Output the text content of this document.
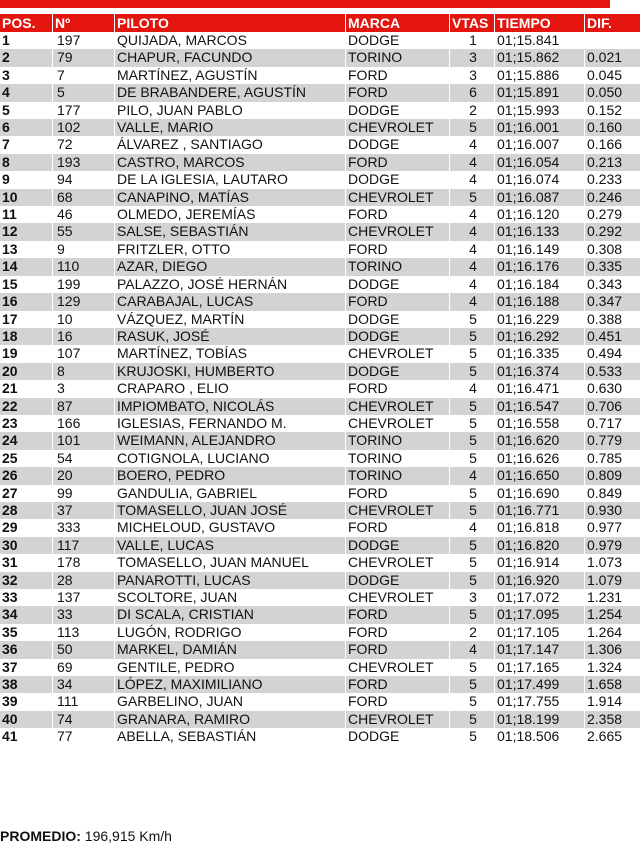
POS.	Nº	PILOTO	MARCA	VTAS	TIEMPO	DIF.
1	197	QUIJADA, MARCOS	DODGE	1	01;15.841	
2	79	CHAPUR, FACUNDO	TORINO	3	01;15.862	0.021
3	7	MARTÍNEZ, AGUSTÍN	FORD	3	01;15.886	0.045
4	5	DE BRABANDERE, AGUSTÍN	FORD	6	01;15.891	0.050
5	177	PILO, JUAN PABLO	DODGE	2	01;15.993	0.152
6	102	VALLE, MARIO	CHEVROLET	5	01;16.001	0.160
7	72	ÁLVAREZ , SANTIAGO	DODGE	4	01;16.007	0.166
8	193	CASTRO, MARCOS	FORD	4	01;16.054	0.213
9	94	DE LA IGLESIA, LAUTARO	DODGE	4	01;16.074	0.233
10	68	CANAPINO, MATÍAS	CHEVROLET	5	01;16.087	0.246
11	46	OLMEDO, JEREMÍAS	FORD	4	01;16.120	0.279
12	55	SALSE, SEBASTIÁN	CHEVROLET	4	01;16.133	0.292
13	9	FRITZLER, OTTO	FORD	4	01;16.149	0.308
14	110	AZAR, DIEGO	TORINO	4	01;16.176	0.335
15	199	PALAZZO, JOSÉ HERNÁN	DODGE	4	01;16.184	0.343
16	129	CARABAJAL, LUCAS	FORD	4	01;16.188	0.347
17	10	VÁZQUEZ, MARTÍN	DODGE	5	01;16.229	0.388
18	16	RASUK, JOSÉ	DODGE	5	01;16.292	0.451
19	107	MARTÍNEZ, TOBÍAS	CHEVROLET	5	01;16.335	0.494
20	8	KRUJOSKI, HUMBERTO	DODGE	5	01;16.374	0.533
21	3	CRAPARO , ELIO	FORD	4	01;16.471	0.630
22	87	IMPIOMBATO, NICOLÁS	CHEVROLET	5	01;16.547	0.706
23	166	IGLESIAS, FERNANDO M.	CHEVROLET	5	01;16.558	0.717
24	101	WEIMANN, ALEJANDRO	TORINO	5	01;16.620	0.779
25	54	COTIGNOLA, LUCIANO	TORINO	5	01;16.626	0.785
26	20	BOERO, PEDRO	TORINO	4	01;16.650	0.809
27	99	GANDULIA, GABRIEL	FORD	5	01;16.690	0.849
28	37	TOMASELLO, JUAN JOSÉ	CHEVROLET	5	01;16.771	0.930
29	333	MICHELOUD, GUSTAVO	FORD	4	01;16.818	0.977
30	117	VALLE, LUCAS	DODGE	5	01;16.820	0.979
31	178	TOMASELLO, JUAN MANUEL	CHEVROLET	5	01;16.914	1.073
32	28	PANAROTTI, LUCAS	DODGE	5	01;16.920	1.079
33	137	SCOLTORE, JUAN	CHEVROLET	3	01;17.072	1.231
34	33	DI SCALA, CRISTIAN	FORD	5	01;17.095	1.254
35	113	LUGÓN, RODRIGO	FORD	2	01;17.105	1.264
36	50	MARKEL, DAMIÁN	FORD	4	01;17.147	1.306
37	69	GENTILE, PEDRO	CHEVROLET	5	01;17.165	1.324
38	34	LÓPEZ, MAXIMILIANO	FORD	5	01;17.499	1.658
39	111	GARBELINO, JUAN	FORD	5	01;17.755	1.914
40	74	GRANARA, RAMIRO	CHEVROLET	5	01;18.199	2.358
41	77	ABELLA, SEBASTIÁN	DODGE	5	01;18.506	2.665
PROMEDIO: 196,915 Km/h
